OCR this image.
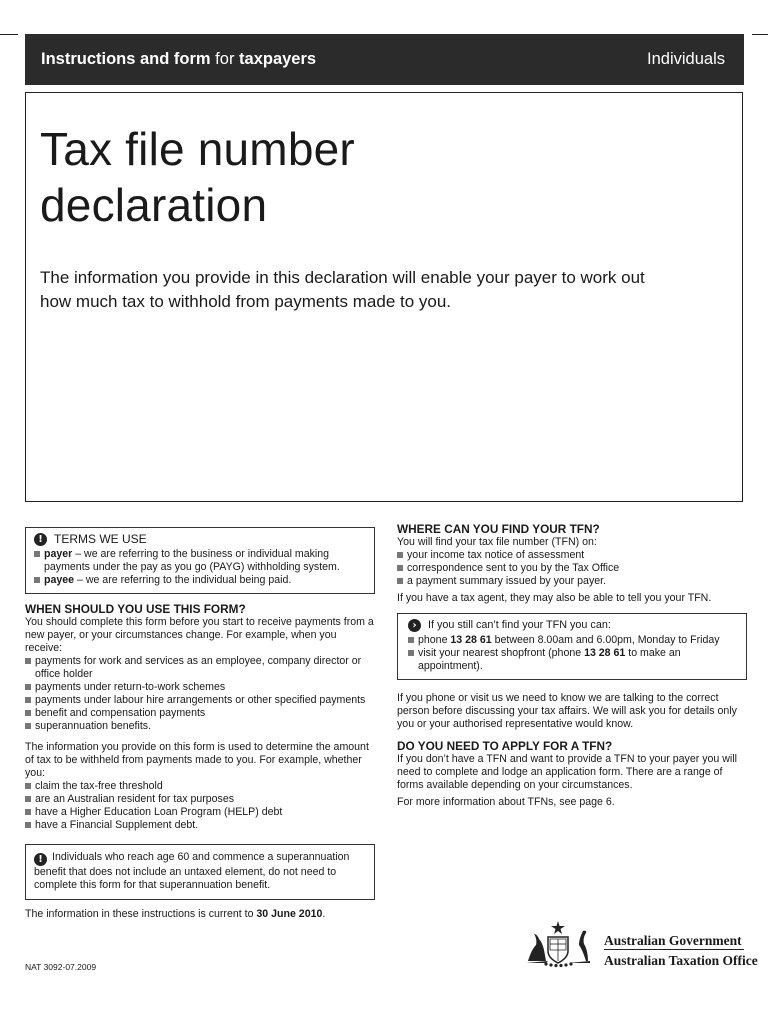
Instructions and form for taxpayers	Individuals
Tax file number
declaration

The information you provide in this declaration will enable your payer to work out how much tax to withhold from payments made to you.

! TERMS WE USE
payer – we are referring to the business or individual making payments under the pay as you go (PAYG) withholding system.
payee – we are referring to the individual being paid.
WHEN SHOULD YOU USE THIS FORM?

You should complete this form before you start to receive payments from a new payer, or your circumstances change. For example, when you receive:

payments for work and services as an employee, company director or office holder
payments under return-to-work schemes
payments under labour hire arrangements or other specified payments
benefit and compensation payments
superannuation benefits.

The information you provide on this form is used to determine the amount of tax to be withheld from payments made to you. For example, whether you:

claim the tax-free threshold
are an Australian resident for tax purposes
have a Higher Education Loan Program (HELP) debt
have a Financial Supplement debt.
! Individuals who reach age 60 and commence a superannuation benefit that does not include an untaxed element, do not need to complete this form for that superannuation benefit.

The information in these instructions is current to 30 June 2010.

NAT 3092-07.2009
WHERE CAN YOU FIND YOUR TFN?

You will find your tax file number (TFN) on:

your income tax notice of assessment
correspondence sent to you by the Tax Office
a payment summary issued by your payer.

If you have a tax agent, they may also be able to tell you your TFN.

›	If you still can’t find your TFN you can:
phone 13 28 61 between 8.00am and 6.00pm, Monday to Friday
visit your nearest shopfront (phone 13 28 61 to make an appointment).

If you phone or visit us we need to know we are talking to the correct person before discussing your tax affairs. We will ask you for details only you or your authorised representative would know.

DO YOU NEED TO APPLY FOR A TFN?

If you don’t have a TFN and want to provide a TFN to your payer you will need to complete and lodge an application form. There are a range of forms available depending on your circumstances.

For more information about TFNs, see page 6.

Australian Government
Australian Taxation Office
